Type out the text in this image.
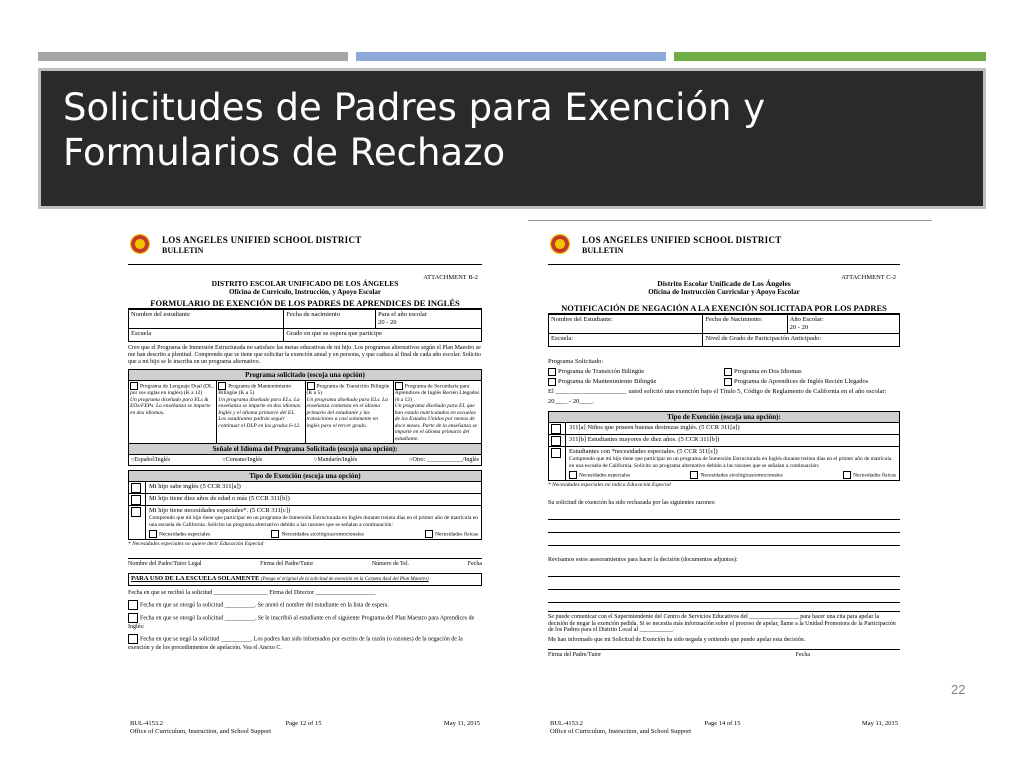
Solicitudes de Padres para Exención y Formularios de Rechazo
LOS ANGELES UNIFIED SCHOOL DISTRICT
BULLETIN
ATTACHMENT B-2
DISTRITO ESCOLAR UNIFICADO DE LOS ÁNGELES
Oficina de Currículo, Instrucción, y Apoyo Escolar
FORMULARIO DE EXENCIÓN DE LOS PADRES DE APRENDICES DE INGLÉS
Nombre del estudiante	Fecha de nacimiento	Para el año escolar
20 - 20
Escuela	Grado en que se espera que participe	
Creo que el Programa de Inmersión Estructurada no satisface las metas educativas de mi hijo. Los programas alternativos según el Plan Maestro se me han descrito a plenitud. Comprendo que se tiene que solicitar la exención anual y en persona, y que caduca al final de cada año escolar. Solicito que a mi hijo se le inscriba en un programa alternativo.
Programa solicitado (escoja una opción)
Programa de Lenguaje Dual (DL, por sus siglas en inglés) (K a 12)
Un programa diseñado para ELs & EOs/FEPs. La enseñanza se imparte en dos idiomas.
Programa de Mantenimiento Bilingüe (K a 5)
Un programa diseñado para ELs. La enseñanza se imparte en dos idiomas: Inglés y el idioma primario del EL. Los estudiantes podrán seguir continuar el DLP en los grados 6-12.
Programa de Transición Bilingüe (K a 5)
Un programa diseñado para ELs. La enseñanza comienza en el idioma primario del estudiante y las transiciones a casi solamente en inglés para el tercer grado.
Programa de Secundaria para Aprendices de Inglés Recién Llegados (6 a 12)
Un programa diseñado para EL que han estado matriculados en escuelas de los Estados Unidos por menos de doce meses. Parte de la enseñanza se imparte en el idioma primario del estudiante.
Señale el Idioma del Programa Solicitado (escoja una opción):
○Español/Inglés	○Coreano/Inglés	○Mandarín/Inglés	○Otro: ____________/Inglés
Tipo de Exención (escoja una opción)
Mi hijo sabe inglés (5 CCR 311[a])
Mi hijo tiene diez años de edad o más (5 CCR 311[b])
Mi hijo tiene necesidades especiales*. (5 CCR 311[c])
Comprendo que mi hijo tiene que participar en un programa de Inmersión Estructurada en Inglés durante treinta días en el primer año de matrícula en una escuela de California. Solicito un programa alternativo debido a las razones que se señalan a continuación:
Necesidades especiales	Necesidades sicológicas/emocionales	Necesidades físicas
* Necesidades especiales no quiere decir Educación Especial
Nombre del Padre/Tutor Legal	Firma del Padre/Tutor	Número de Tel.	Fecha
PARA USO DE LA ESCUELA SOLAMENTE (Ponga el original de la solicitud de exención en la Carpeta Azul del Plan Maestro)
Fecha en que se recibió la solicitud __________________ Firma del Director ____________________
Fecha en que se otorgó la solicitud __________. Se anotó el nombre del estudiante en la lista de espera.
Fecha en que se otorgó la solicitud __________. Se le inscribió al estudiante en el siguiente Programa del Plan Maestro para Aprendices de Inglés:
Fecha en que se negó la solicitud __________. Los padres han sido informados por escrito de la razón (o razones) de la negación de la exención y de los procedimientos de apelación. Vea el Anexo C.
BUL-4153.2	Page 12 of 15	May 11, 2015
Office of Curriculum, Instruction, and School Support
LOS ANGELES UNIFIED SCHOOL DISTRICT
BULLETIN
ATTACHMENT C-2
Distrito Escolar Unificado de Los Ángeles
Oficina de Instrucción Curricular y Apoyo Escolar
NOTIFICACIÓN DE NEGACIÓN A LA EXENCIÓN SOLICITADA POR LOS PADRES
Nombre del Estudiante:	Fecha de Nacimiento:	Año Escolar:
20 - 20
Escuela:	Nivel de Grado de Participación Anticipado:	
Programa Solicitado:
Programa de Transición Bilingüe	Programa en Dos Idiomas
Programa de Mantenimiento Bilingüe	Programa de Aprendices de Inglés Recién Llegados
El ______________________ usted solicitó una exención bajo el Título 5, Código de Reglamento de California en el año escolar: 20____ - 20____.
Tipo de Exención (escoja una opción):
311[a] Niños que poseen buenas destrezas inglés. (5 CCR 311[a])
311[b] Estudiantes mayores de diez años. (5 CCR 311[b])
Estudiantes con *necesidades especiales. (5 CCR 311[c])
Comprendo que mi hijo tiene que participar en un programa de Inmersión Estructurada en Inglés durante treinta días en el primer año de matrícula en una escuela de California. Solicito un programa alternativo debido a las razones que se señalan a continuación:
Necesidades especiales	Necesidades sicológicas/emocionales	Necesidades físicas
* Necesidades especiales no indica Educación Especial
Su solicitud de exención ha sido rechazada por las siguientes razones:
Revisamos estos asesoramientos para hacer la decisión (documentos adjuntos):
Se puede comunicar con el Superintendente del Centro de Servicios Educativos del ________________, para hacer una cita para apelar la decisión de negar la exención pedida. Si se necesita más información sobre el proceso de apelar, llame a la Unidad Promotora de la Participación de los Padres para el Distrito Local al ___________.
Me han informado que mi Solicitud de Exención ha sido negada y entiendo que puedo apelar esta decisión.
Firma del Padre/Tutor	Fecha
BUL-4153.2	Page 14 of 15	May 11, 2015
Office of Curriculum, Instruction, and School Support
22
